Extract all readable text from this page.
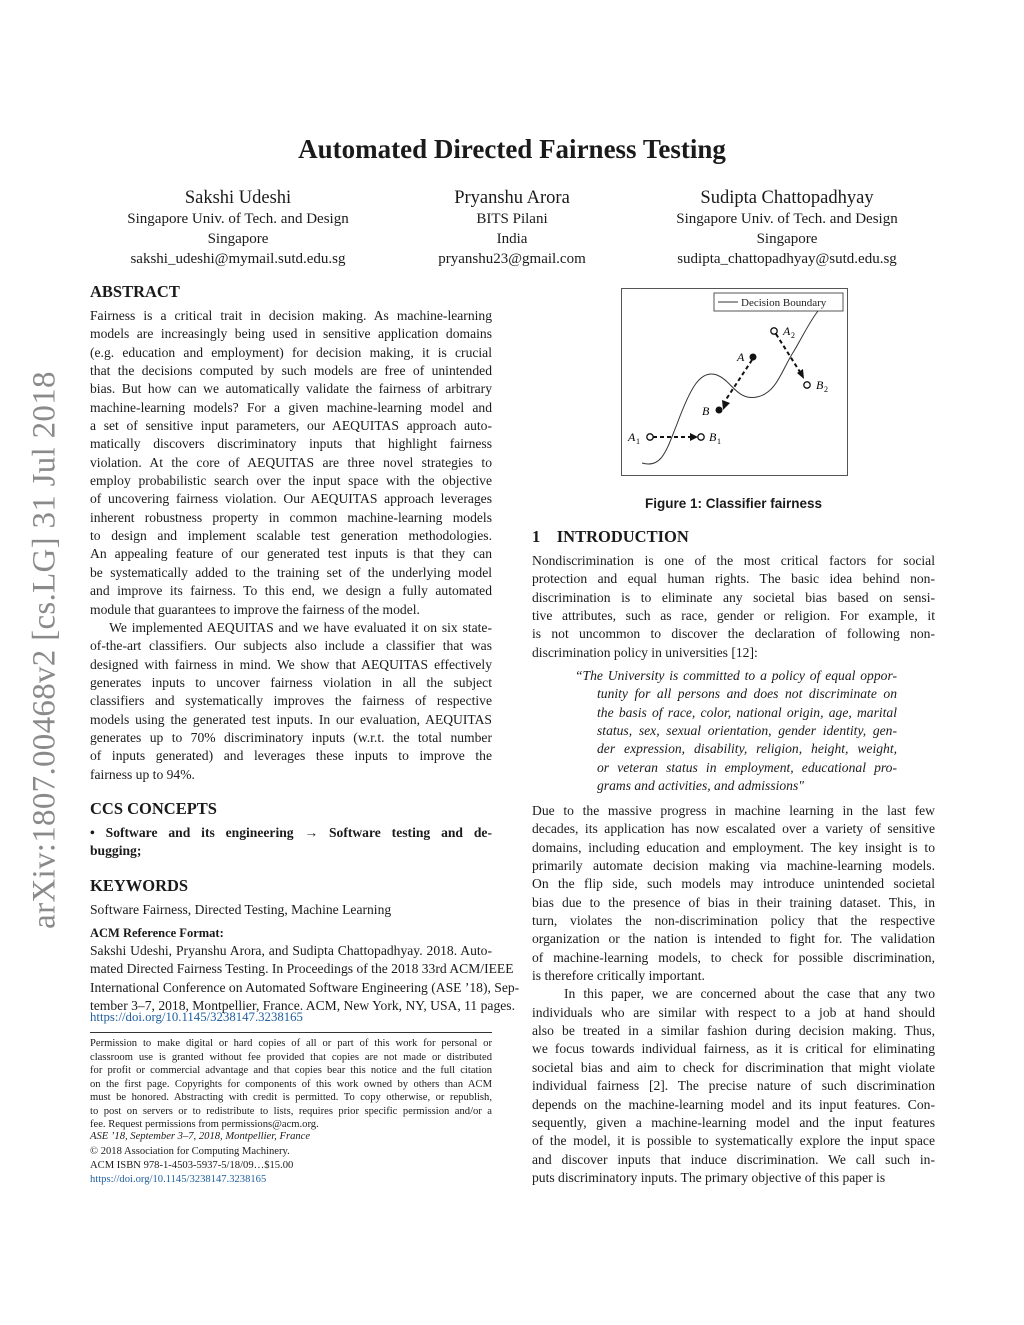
arXiv:1807.00468v2 [cs.LG] 31 Jul 2018
Automated Directed Fairness Testing
Sakshi Udeshi
Singapore Univ. of Tech. and Design
Singapore
sakshi_udeshi@mymail.sutd.edu.sg
Pryanshu Arora
BITS Pilani
India
pryanshu23@gmail.com
Sudipta Chattopadhyay
Singapore Univ. of Tech. and Design
Singapore
sudipta_chattopadhyay@sutd.edu.sg
ABSTRACT
Fairness is a critical trait in decision making. As machine-learning
models are increasingly being used in sensitive application domains
(e.g. education and employment) for decision making, it is crucial
that the decisions computed by such models are free of unintended
bias. But how can we automatically validate the fairness of arbitrary
machine-learning models? For a given machine-learning model and
a set of sensitive input parameters, our AEQUITAS approach auto-
matically discovers discriminatory inputs that highlight fairness
violation. At the core of AEQUITAS are three novel strategies to
employ probabilistic search over the input space with the objective
of uncovering fairness violation. Our AEQUITAS approach leverages
inherent robustness property in common machine-learning models
to design and implement scalable test generation methodologies.
An appealing feature of our generated test inputs is that they can
be systematically added to the training set of the underlying model
and improve its fairness. To this end, we design a fully automated
module that guarantees to improve the fairness of the model.
We implemented AEQUITAS and we have evaluated it on six state-
of-the-art classifiers. Our subjects also include a classifier that was
designed with fairness in mind. We show that AEQUITAS effectively
generates inputs to uncover fairness violation in all the subject
classifiers and systematically improves the fairness of respective
models using the generated test inputs. In our evaluation, AEQUITAS
generates up to 70% discriminatory inputs (w.r.t. the total number
of inputs generated) and leverages these inputs to improve the
fairness up to 94%.
CCS CONCEPTS
• Software and its engineering → Software testing and de-
bugging;
KEYWORDS
Software Fairness, Directed Testing, Machine Learning
ACM Reference Format:
Sakshi Udeshi, Pryanshu Arora, and Sudipta Chattopadhyay. 2018. Auto-
mated Directed Fairness Testing. In Proceedings of the 2018 33rd ACM/IEEE
International Conference on Automated Software Engineering (ASE ’18), Sep-
tember 3–7, 2018, Montpellier, France. ACM, New York, NY, USA, 11 pages.
https://doi.org/10.1145/3238147.3238165
Permission to make digital or hard copies of all or part of this work for personal or
classroom use is granted without fee provided that copies are not made or distributed
for profit or commercial advantage and that copies bear this notice and the full citation
on the first page. Copyrights for components of this work owned by others than ACM
must be honored. Abstracting with credit is permitted. To copy otherwise, or republish,
to post on servers or to redistribute to lists, requires prior specific permission and/or a
fee. Request permissions from permissions@acm.org.
ASE ’18, September 3–7, 2018, Montpellier, France
© 2018 Association for Computing Machinery.
ACM ISBN 978-1-4503-5937-5/18/09…$15.00
https://doi.org/10.1145/3238147.3238165
Decision Boundary
A 1	B 1
A
B
A 2
B 2
Figure 1: Classifier fairness
1    INTRODUCTION
Nondiscrimination is one of the most critical factors for social
protection and equal human rights. The basic idea behind non-
discrimination is to eliminate any societal bias based on sensi-
tive attributes, such as race, gender or religion. For example, it
is not uncommon to discover the declaration of following non-
discrimination policy in universities [12]:
“The University is committed to a policy of equal oppor-
tunity for all persons and does not discriminate on
the basis of race, color, national origin, age, marital
status, sex, sexual orientation, gender identity, gen-
der expression, disability, religion, height, weight,
or veteran status in employment, educational pro-
grams and activities, and admissions"
Due to the massive progress in machine learning in the last few
decades, its application has now escalated over a variety of sensitive
domains, including education and employment. The key insight is to
primarily automate decision making via machine-learning models.
On the flip side, such models may introduce unintended societal
bias due to the presence of bias in their training dataset. This, in
turn, violates the non-discrimination policy that the respective
organization or the nation is intended to fight for. The validation
of machine-learning models, to check for possible discrimination,
is therefore critically important.
In this paper, we are concerned about the case that any two
individuals who are similar with respect to a job at hand should
also be treated in a similar fashion during decision making. Thus,
we focus towards individual fairness, as it is critical for eliminating
societal bias and aim to check for discrimination that might violate
individual fairness [2]. The precise nature of such discrimination
depends on the machine-learning model and its input features. Con-
sequently, given a machine-learning model and the input features
of the model, it is possible to systematically explore the input space
and discover inputs that induce discrimination. We call such in-
puts discriminatory inputs. The primary objective of this paper is
